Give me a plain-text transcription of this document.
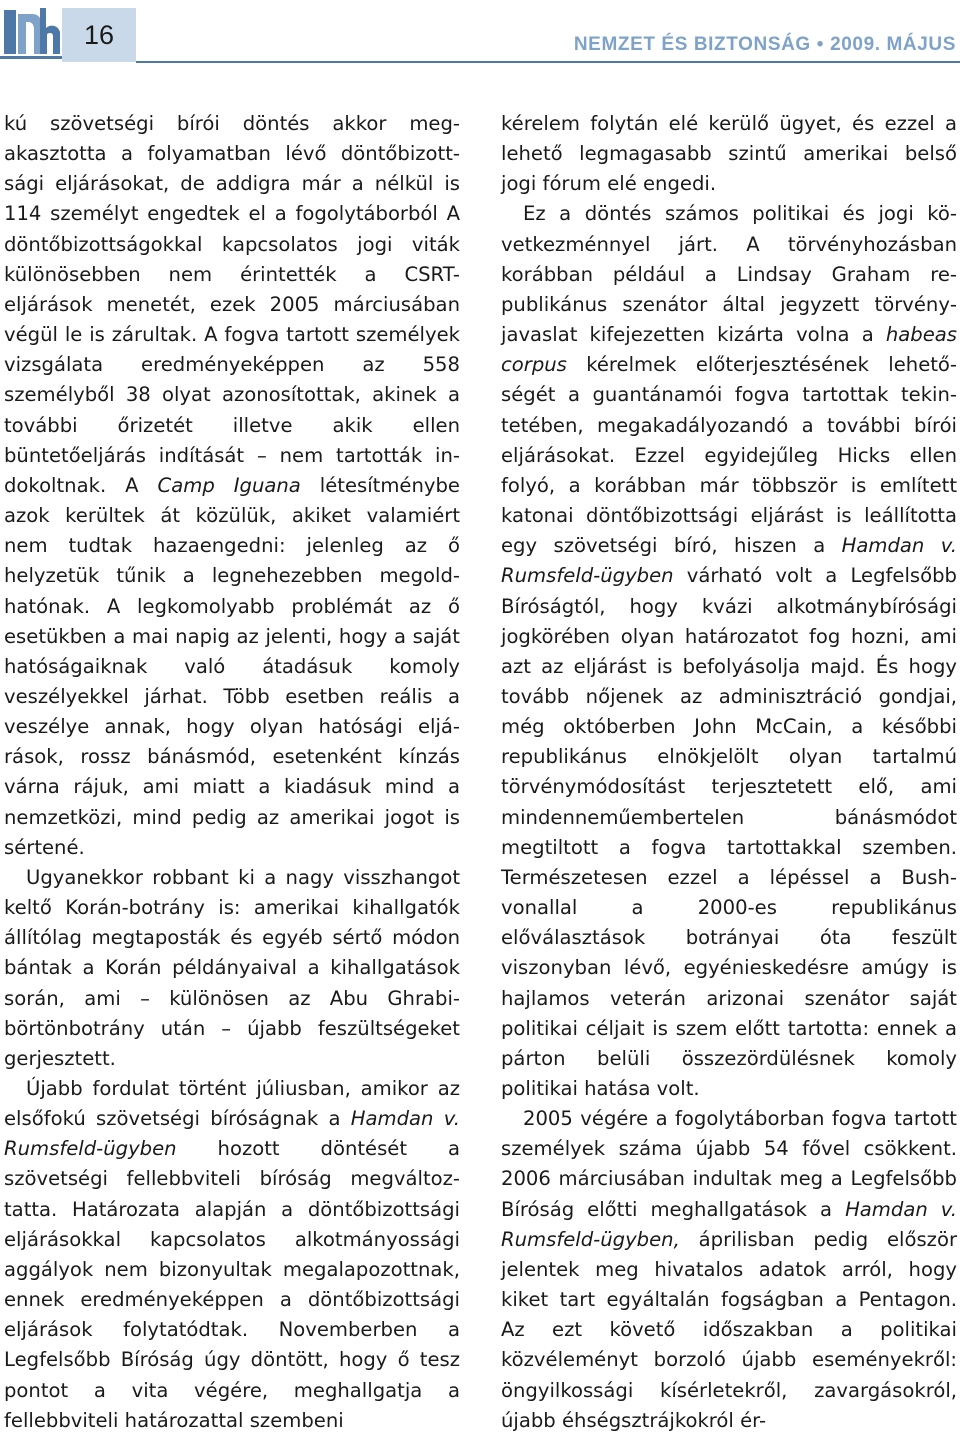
16	NEMZET ÉS BIZTONSÁG • 2009. MÁJUS

kú szövetségi bírói döntés akkor megakasztotta a folyamatban lévő döntőbizottsági eljárásokat, de addigra már a nélkül is 114 személyt engedtek el a fogolytáborból A döntőbizottságokkal kapcsolatos jogi viták különösebben nem érintették a CSRT-eljárások menetét, ezek 2005 márciusában végül le is zárultak. A fogva tartott személyek vizsgálata eredményeképpen az 558 személyből 38 olyat azonosítottak, akinek a további őrizetét illetve akik ellen büntetőeljárás indítását – nem tartották indokoltnak. A Camp Iguana létesítménybe azok kerültek át közülük, akiket valamiért nem tudtak hazaengedni: jelenleg az ő helyzetük tűnik a legnehezebben megoldhatónak. A legkomolyabb problémát az ő esetükben a mai napig az jelenti, hogy a saját hatóságaiknak való átadásuk komoly veszélyekkel járhat. Több esetben reális a veszélye annak, hogy olyan hatósági eljárások, rossz bánásmód, esetenként kínzás várna rájuk, ami miatt a kiadásuk mind a nemzetközi, mind pedig az amerikai jogot is sértené.

Ugyanekkor robbant ki a nagy visszhangot keltő Korán-botrány is: amerikai kihallgatók állítólag megtaposták és egyéb sértő módon bántak a Korán példányaival a kihallgatások során, ami – különösen az Abu Ghrabi-börtönbotrány után – újabb feszültségeket gerjesztett.

Újabb fordulat történt júliusban, amikor az elsőfokú szövetségi bíróságnak a Hamdan v. Rumsfeld-ügyben hozott döntését a szövetségi fellebbviteli bíróság megváltoztatta. Határozata alapján a döntőbizottsági eljárásokkal kapcsolatos alkotmányossági aggályok nem bizonyultak megalapozottnak, ennek eredményeképpen a döntőbizottsági eljárások folytatódtak. Novemberben a Legfelsőbb Bíróság úgy döntött, hogy ő tesz pontot a vita végére, meghallgatja a fellebbviteli határozattal szembeni

kérelem folytán elé kerülő ügyet, és ezzel a lehető legmagasabb szintű amerikai belső jogi fórum elé engedi.

Ez a döntés számos politikai és jogi következménnyel járt. A törvényhozásban korábban például a Lindsay Graham republikánus szenátor által jegyzett törvényjavaslat kifejezetten kizárta volna a habeas corpus kérelmek előterjesztésének lehetőségét a guantánamói fogva tartottak tekintetében, megakadályozandó a további bírói eljárásokat. Ezzel egyidejűleg Hicks ellen folyó, a korábban már többször is említett katonai döntőbizottsági eljárást is leállította egy szövetségi bíró, hiszen a Hamdan v. Rumsfeld-ügyben várható volt a Legfelsőbb Bíróságtól, hogy kvázi alkotmánybírósági jogkörében olyan határozatot fog hozni, ami azt az eljárást is befolyásolja majd. És hogy tovább nőjenek az adminisztráció gondjai, még októberben John McCain, a későbbi republikánus elnökjelölt olyan tartalmú törvénymódosítást terjesztetett elő, ami mindenneműembertelen bánásmódot megtiltott a fogva tartottakkal szemben. Természetesen ezzel a lépéssel a Bush-vonallal a 2000-es republikánus előválasztások botrányai óta feszült viszonyban lévő, egyénieskedésre amúgy is hajlamos veterán arizonai szenátor saját politikai céljait is szem előtt tartotta: ennek a párton belüli összezördülésnek komoly politikai hatása volt.

2005 végére a fogolytáborban fogva tartott személyek száma újabb 54 fővel csökkent. 2006 márciusában indultak meg a Legfelsőbb Bíróság előtti meghallgatások a Hamdan v. Rumsfeld-ügyben, áprilisban pedig először jelentek meg hivatalos adatok arról, hogy kiket tart egyáltalán fogságban a Pentagon. Az ezt követő időszakban a politikai közvéleményt borzoló újabb eseményekről: öngyilkossági kísérletekről, zavargásokról, újabb éhségsztrájkokról ér-
